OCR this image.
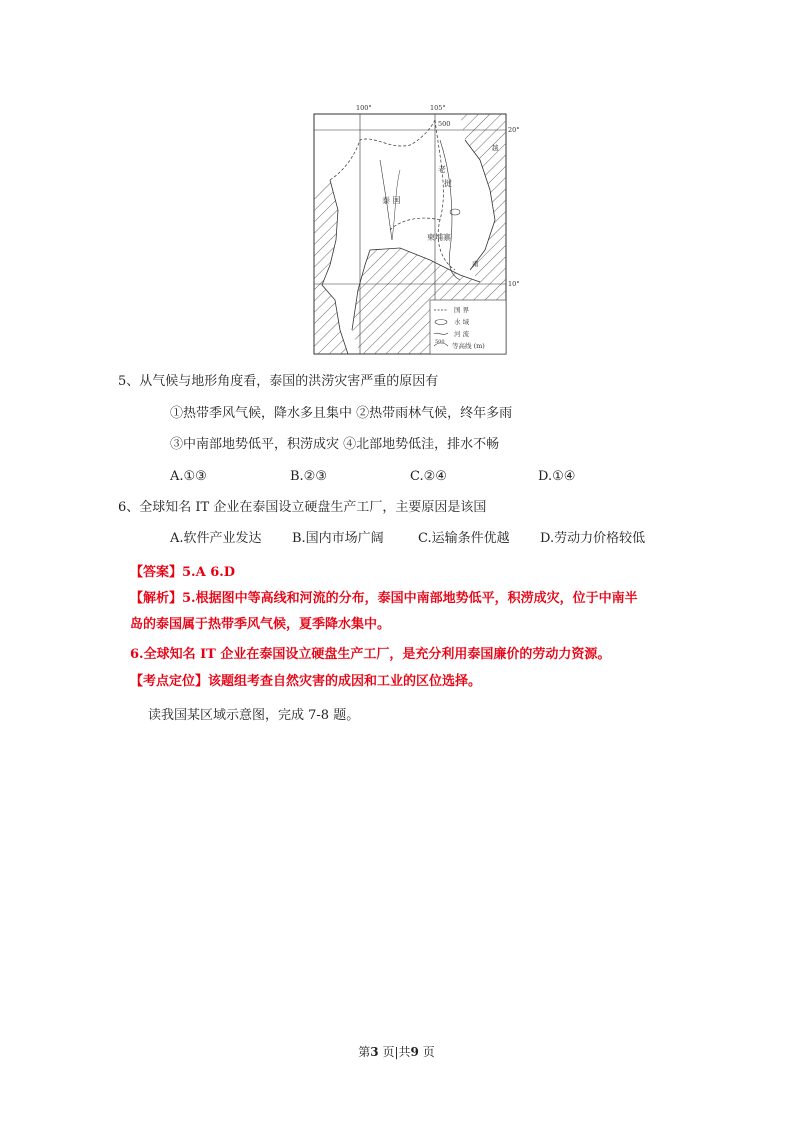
100°	105°
20°
10°
500
泰 国
柬埔寨
老
挝
南
越
国 界
水 域
河 流
500 等高线 (m)
5、从气候与地形角度看，泰国的洪涝灾害严重的原因有
①热带季风气候，降水多且集中 ②热带雨林气候，终年多雨
③中南部地势低平，积涝成灾 ④北部地势低洼，排水不畅
A.①③	B.②③	C.②④	D.①④
6、全球知名 IT 企业在泰国设立硬盘生产工厂，主要原因是该国
A.软件产业发达 B.国内市场广阔	C.运输条件优越 D.劳动力价格较低
【答案】5.A 6.D
【解析】5.根据图中等高线和河流的分布，泰国中南部地势低平，积涝成灾，位于中南半
岛的泰国属于热带季风气候，夏季降水集中。
6.全球知名 IT 企业在泰国设立硬盘生产工厂，是充分利用泰国廉价的劳动力资源。
【考点定位】该题组考查自然灾害的成因和工业的区位选择。
读我国某区域示意图，完成 7-8 题。
第3 页|共9 页
